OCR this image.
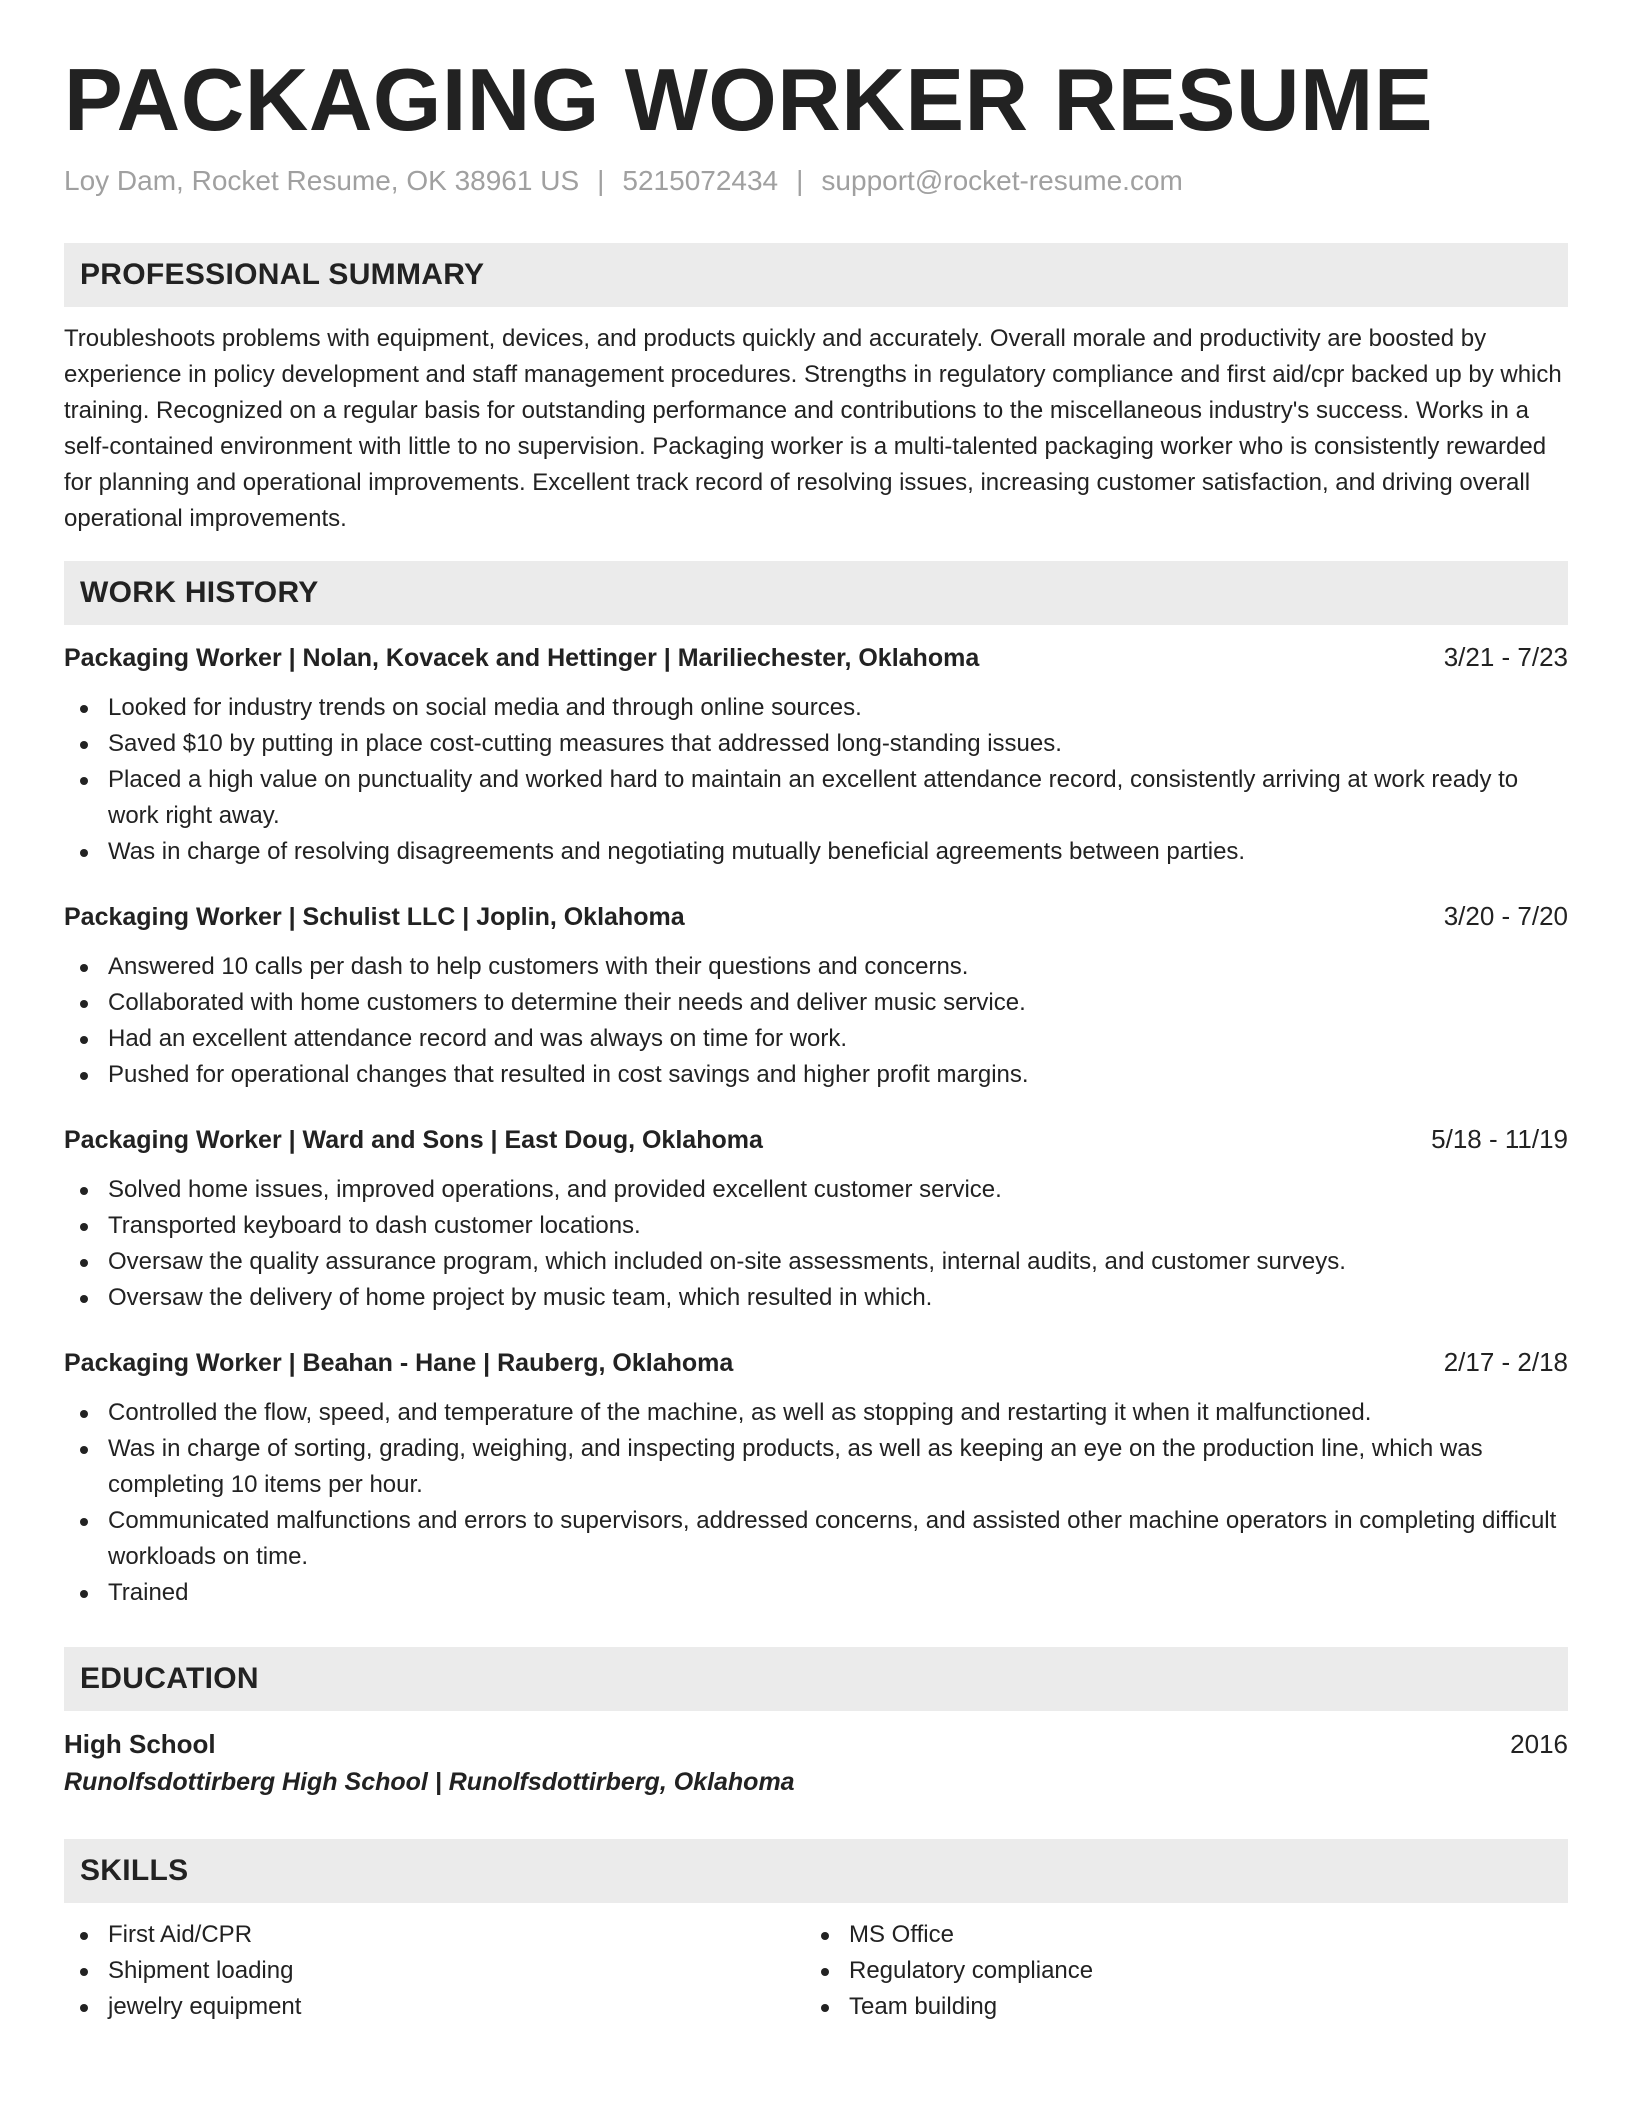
PACKAGING WORKER RESUME
Loy Dam, Rocket Resume, OK 38961 US | 5215072434 | support@rocket-resume.com
PROFESSIONAL SUMMARY

Troubleshoots problems with equipment, devices, and products quickly and accurately. Overall morale and productivity are boosted by experience in policy development and staff management procedures. Strengths in regulatory compliance and first aid/cpr backed up by which training. Recognized on a regular basis for outstanding performance and contributions to the miscellaneous industry's success. Works in a self-contained environment with little to no supervision. Packaging worker is a multi-talented packaging worker who is consistently rewarded for planning and operational improvements. Excellent track record of resolving issues, increasing customer satisfaction, and driving overall operational improvements.

WORK HISTORY
Packaging Worker | Nolan, Kovacek and Hettinger | Mariliechester, Oklahoma	3/21 - 7/23
Looked for industry trends on social media and through online sources.
Saved $10 by putting in place cost-cutting measures that addressed long-standing issues.
Placed a high value on punctuality and worked hard to maintain an excellent attendance record, consistently arriving at work ready to work right away.
Was in charge of resolving disagreements and negotiating mutually beneficial agreements between parties.
Packaging Worker | Schulist LLC | Joplin, Oklahoma	3/20 - 7/20
Answered 10 calls per dash to help customers with their questions and concerns.
Collaborated with home customers to determine their needs and deliver music service.
Had an excellent attendance record and was always on time for work.
Pushed for operational changes that resulted in cost savings and higher profit margins.
Packaging Worker | Ward and Sons | East Doug, Oklahoma	5/18 - 11/19
Solved home issues, improved operations, and provided excellent customer service.
Transported keyboard to dash customer locations.
Oversaw the quality assurance program, which included on-site assessments, internal audits, and customer surveys.
Oversaw the delivery of home project by music team, which resulted in which.
Packaging Worker | Beahan - Hane | Rauberg, Oklahoma	2/17 - 2/18
Controlled the flow, speed, and temperature of the machine, as well as stopping and restarting it when it malfunctioned.
Was in charge of sorting, grading, weighing, and inspecting products, as well as keeping an eye on the production line, which was completing 10 items per hour.
Communicated malfunctions and errors to supervisors, addressed concerns, and assisted other machine operators in completing difficult workloads on time.
Trained
EDUCATION
High School	2016
Runolfsdottirberg High School | Runolfsdottirberg, Oklahoma
SKILLS
First Aid/CPR
Shipment loading
jewelry equipment
MS Office
Regulatory compliance
Team building
